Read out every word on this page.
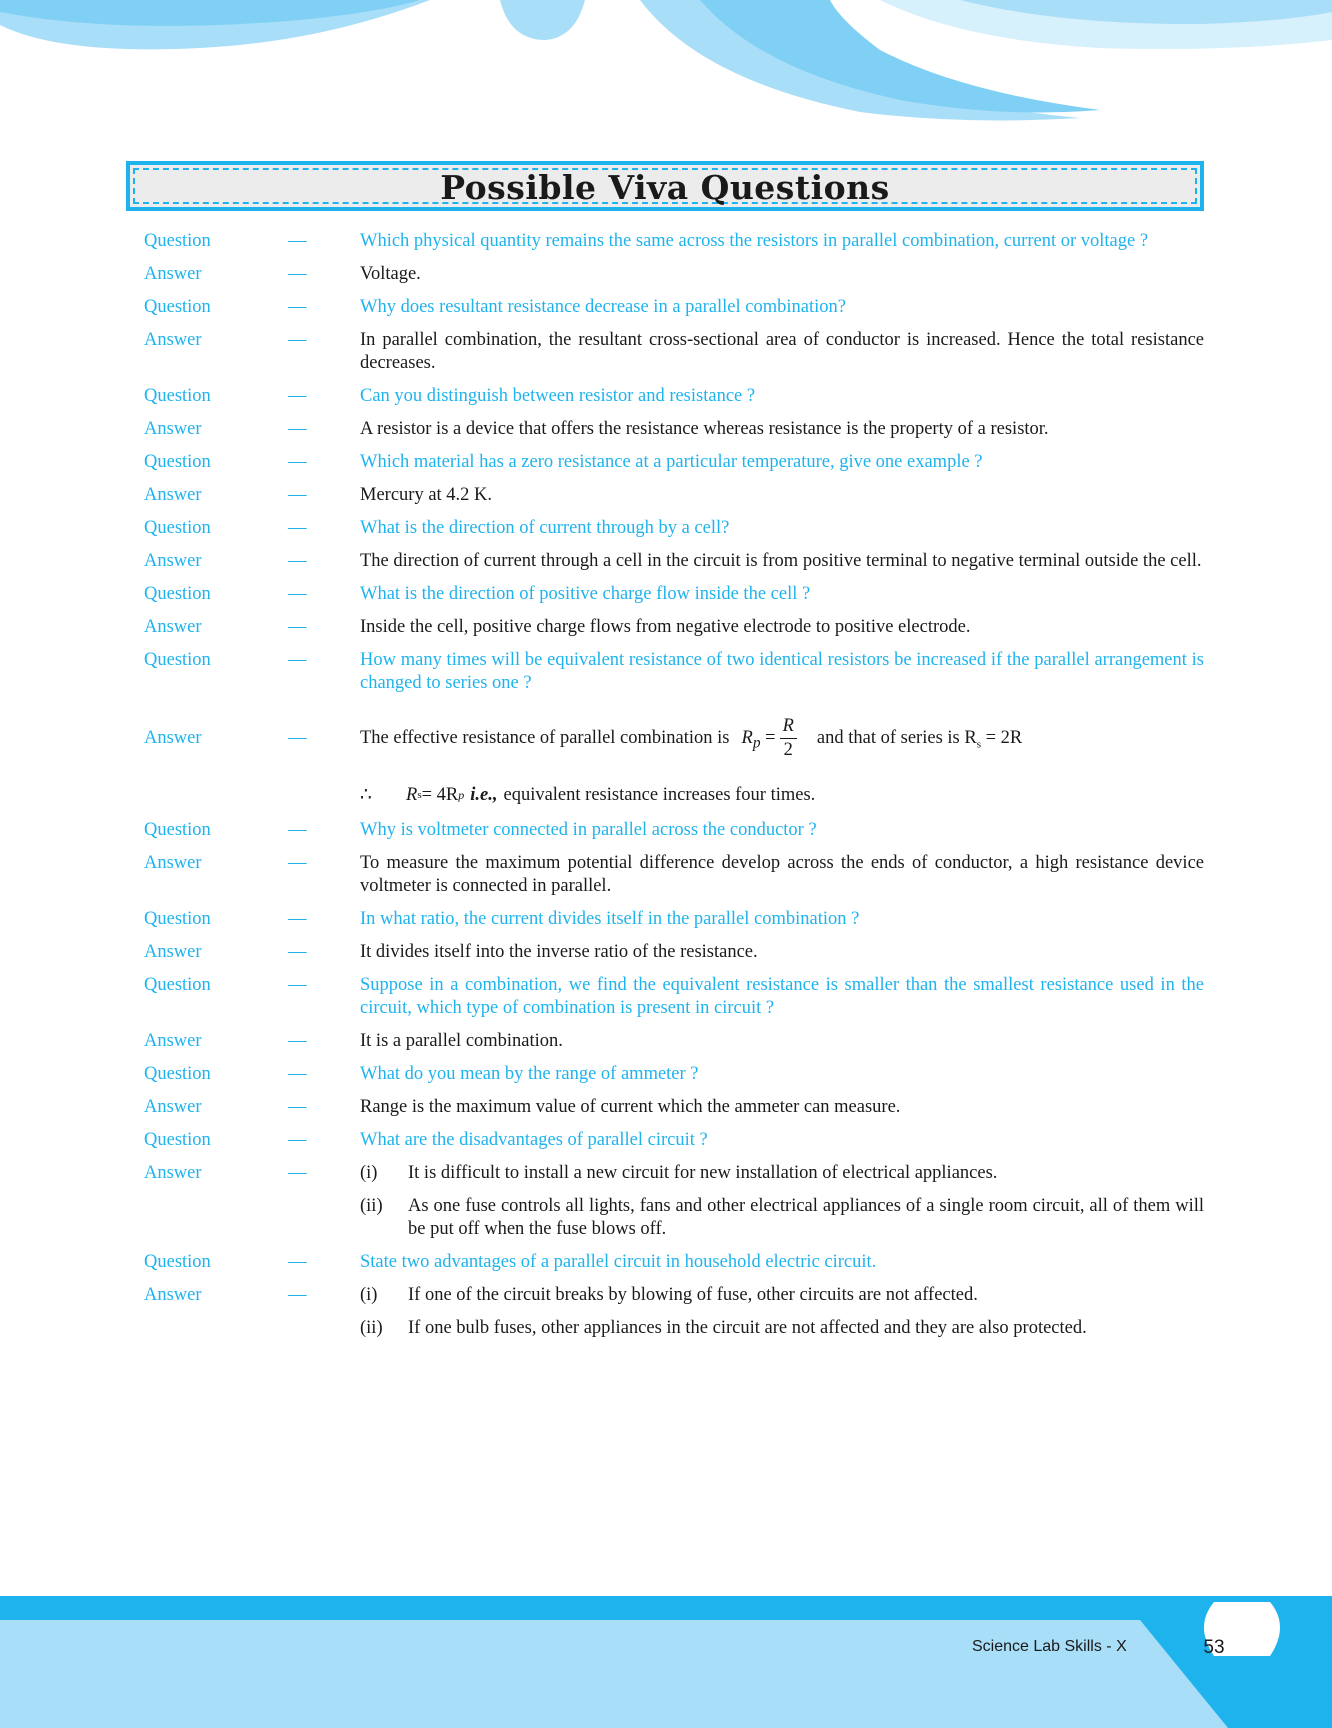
Possible Viva Questions
Question	—	Which physical quantity remains the same across the resistors in parallel combination, current or voltage ?
Answer	—	Voltage.
Question	—	Why does resultant resistance decrease in a parallel combination?
Answer	—	In parallel combination, the resultant cross-sectional area of conductor is increased. Hence the total resistance decreases.
Question	—	Can you distinguish between resistor and resistance ?
Answer	—	A resistor is a device that offers the resistance whereas resistance is the property of a resistor.
Question	—	Which material has a zero resistance at a particular temperature, give one example ?
Answer	—	Mercury at 4.2 K.
Question	—	What is the direction of current through by a cell?
Answer	—	The direction of current through a cell in the circuit is from positive terminal to negative terminal outside the cell.
Question	—	What is the direction of positive charge flow inside the cell ?
Answer	—	Inside the cell, positive charge flows from negative electrode to positive electrode.
Question	—	How many times will be equivalent resistance of two identical resistors be increased if the parallel arrangement is changed to series one ?
Answer	—	The effective resistance of parallel combination is $R_p = \frac{R}{2}$ and that of series is $R_s = 2R$
∴	R s = 4R p i.e., equivalent resistance increases four times.
Question	—	Why is voltmeter connected in parallel across the conductor ?
Answer	—	To measure the maximum potential difference develop across the ends of conductor, a high resistance device voltmeter is connected in parallel.
Question	—	In what ratio, the current divides itself in the parallel combination ?
Answer	—	It divides itself into the inverse ratio of the resistance.
Question	—	Suppose in a combination, we find the equivalent resistance is smaller than the smallest resistance used in the circuit, which type of combination is present in circuit ?
Answer	—	It is a parallel combination.
Question	—	What do you mean by the range of ammeter ?
Answer	—	Range is the maximum value of current which the ammeter can measure.
Question	—	What are the disadvantages of parallel circuit ?
Answer	—	(i)	It is difficult to install a new circuit for new installation of electrical appliances.
(ii)	As one fuse controls all lights, fans and other electrical appliances of a single room circuit, all of them will be put off when the fuse blows off.
Question	—	State two advantages of a parallel circuit in household electric circuit.
Answer	—	(i)	If one of the circuit breaks by blowing of fuse, other circuits are not affected.
(ii)	If one bulb fuses, other appliances in the circuit are not affected and they are also protected.
Science Lab Skills - X	53
